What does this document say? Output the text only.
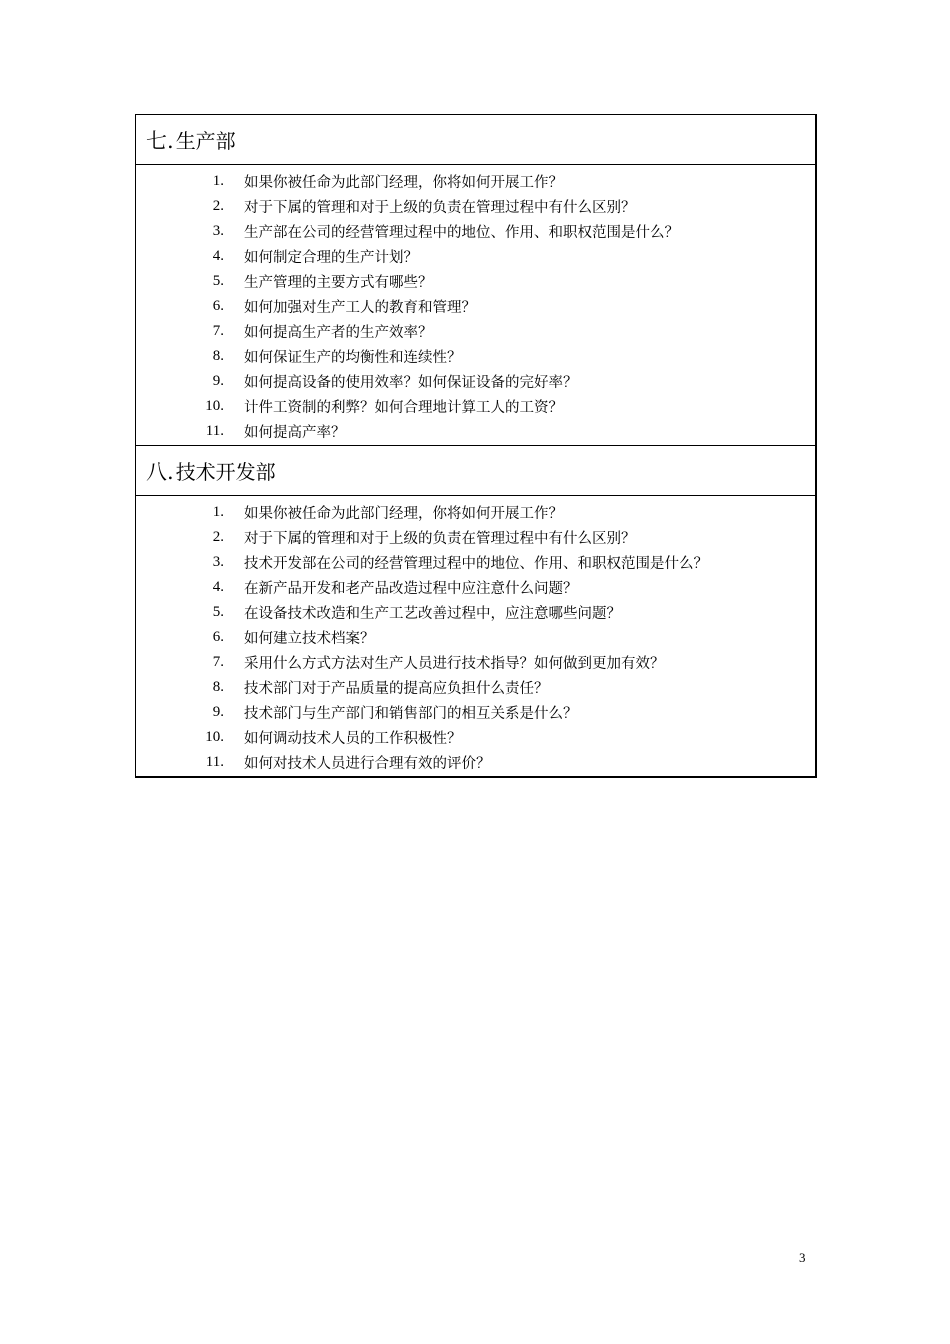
七. 生产部
1.	如果你被任命为此部门经理，你将如何开展工作？
2.	对于下属的管理和对于上级的负责在管理过程中有什么区别？
3.	生产部在公司的经营管理过程中的地位、作用、和职权范围是什么？
4.	如何制定合理的生产计划？
5.	生产管理的主要方式有哪些？
6.	如何加强对生产工人的教育和管理？
7.	如何提高生产者的生产效率？
8.	如何保证生产的均衡性和连续性？
9.	如何提高设备的使用效率？如何保证设备的完好率？
10.	计件工资制的利弊？如何合理地计算工人的工资？
11.	如何提高产率？
八. 技术开发部
1.	如果你被任命为此部门经理，你将如何开展工作？
2.	对于下属的管理和对于上级的负责在管理过程中有什么区别？
3.	技术开发部在公司的经营管理过程中的地位、作用、和职权范围是什么？
4.	在新产品开发和老产品改造过程中应注意什么问题？
5.	在设备技术改造和生产工艺改善过程中，应注意哪些问题？
6.	如何建立技术档案？
7.	采用什么方式方法对生产人员进行技术指导？如何做到更加有效？
8.	技术部门对于产品质量的提高应负担什么责任？
9.	技术部门与生产部门和销售部门的相互关系是什么？
10.	如何调动技术人员的工作积极性？
11.	如何对技术人员进行合理有效的评价？
3
